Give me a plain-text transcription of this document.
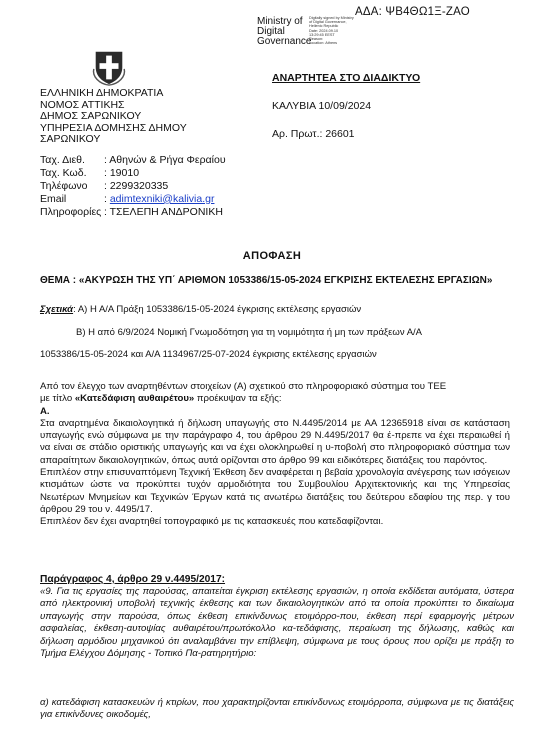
ΑΔΑ: ΨΒ4ΘΩ1Ξ-ΖΑΟ
Ministry of
Digital
Governance
Digitally signed by Ministry
of Digital Governance,
Hellenic Republic
Date: 2024.09.10
13:29:45 EEST
Reason:
Location: Athens
ΕΛΛΗΝΙΚΗ ΔΗΜΟΚΡΑΤΙΑ
ΝΟΜΟΣ ΑΤΤΙΚΗΣ
ΔΗΜΟΣ ΣΑΡΩΝΙΚΟΥ
ΥΠΗΡΕΣΙΑ ΔΟΜΗΣΗΣ ΔΗΜΟΥ
ΣΑΡΩΝΙΚΟΥ
ΑΝΑΡΤΗΤΕΑ ΣΤΟ ΔΙΑΔΙΚΤΥΟ
ΚΑΛΥΒΙΑ 10/09/2024
Αρ. Πρωτ.: 26601
Ταχ. Διεθ.	: Αθηνών & Ρήγα Φεραίου
Ταχ. Κωδ.	: 19010
Τηλέφωνο	: 2299320335
Email	: adimtexniki@kalivia.gr
Πληροφορίες : ΤΣΕΛΕΠΗ ΑΝΔΡΟΝΙΚΗ
ΑΠΟΦΑΣΗ
ΘΕΜΑ : «ΑΚΥΡΩΣΗ ΤΗΣ ΥΠ΄ ΑΡΙΘΜΟΝ 1053386/15-05-2024 ΕΓΚΡΙΣΗΣ ΕΚΤΕΛΕΣΗΣ ΕΡΓΑΣΙΩΝ»
Σχετικά: Α) Η Α/Α Πράξη 1053386/15-05-2024 έγκρισης εκτέλεσης εργασιών
Β) Η από 6/9/2024 Νομική Γνωμοδότηση για τη νομιμότητα ή μη των πράξεων Α/Α
1053386/15-05-2024 και Α/Α 1134967/25-07-2024 έγκρισης εκτέλεσης εργασιών

Από τον έλεγχο των αναρτηθέντων στοιχείων (Α) σχετικού στο πληροφοριακό σύστημα του ΤΕΕ

με τίτλο «Κατεδάφιση αυθαιρέτου» προέκυψαν τα εξής:

Α.

Στα αναρτημένα δικαιολογητικά ή δήλωση υπαγωγής στο Ν.4495/2014 με ΑΑ 12365918 είναι σε κατάσταση υπαγωγής ενώ σύμφωνα με την παράγραφο 4, του άρθρου 29 Ν.4495/2017 θα έ-πρεπε να έχει περαιωθεί ή να είναι σε στάδιο οριστικής υπαγωγής και να έχει ολοκληρωθεί η υ-ποβολή στο πληροφοριακό σύστημα των απαραίτητων δικαιολογητικών, όπως αυτά ορίζονται στο άρθρο 99 και ειδικότερες διατάξεις του παρόντος.

Επιπλέον στην επισυναπτόμενη Τεχνική Έκθεση δεν αναφέρεται η βεβαία χρονολογία ανέγερσης των ισόγειων κτισμάτων ώστε να προκύπτει τυχόν αρμοδιότητα του Συμβουλίου Αρχιτεκτονικής και της Υπηρεσίας Νεωτέρων Μνημείων και Τεχνικών Έργων κατά τις ανωτέρω διατάξεις του δεύτερου εδαφίου της περ. γ του άρθρου 29 του ν. 4495/17.

Επιπλέον δεν έχει αναρτηθεί τοπογραφικό με τις κατασκευές που κατεδαφίζονται.

Παράγραφος 4, άρθρο 29 ν.4495/2017:
«9. Για τις εργασίες της παρούσας, απαιτείται έγκριση εκτέλεσης εργασιών, η οποία εκδίδεται αυτόματα, ύστερα από ηλεκτρονική υποβολή τεχνικής έκθεσης και των δικαιολογητικών από τα οποία προκύπτει το δικαίωμα υπαγωγής στην παρούσα, όπως έκθεση επικίνδυνως ετοιμόρρο-που, έκθεση περί εφαρμογής μέτρων ασφαλείας, έκθεση-αυτοψίας αυθαιρέτου/πρωτόκολλο κα-τεδάφισης, περαίωση της δήλωσης, καθώς και δήλωση αρμόδιου μηχανικού ότι αναλαμβάνει την επίβλεψη, σύμφωνα με τους όρους που ορίζει με πράξη το Τμήμα Ελέγχου Δόμησης - Τοπικό Πα-ρατηρητήριο:
α) κατεδάφιση κατασκευών ή κτιρίων, που χαρακτηρίζονται επικίνδυνως ετοιμόρροπα, σύμφωνα με τις διατάξεις για επικίνδυνες οικοδομές,
